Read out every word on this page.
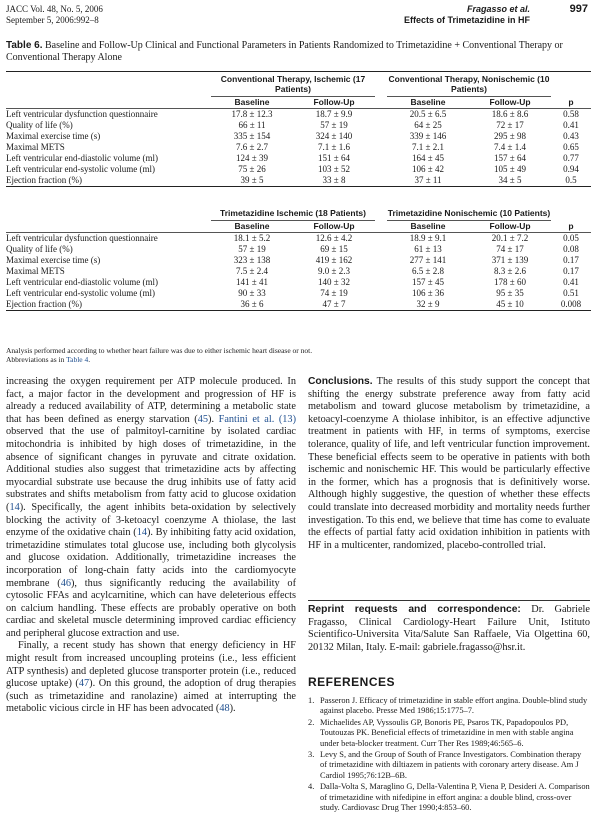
JACC Vol. 48, No. 5, 2006
September 5, 2006:992–8
Fragasso et al.
Effects of Trimetazidine in HF
997
Table 6. Baseline and Follow-Up Clinical and Functional Parameters in Patients Randomized to Trimetazidine + Conventional Therapy or Conventional Therapy Alone
	Conventional Therapy, Ischemic (17 Patients)			Conventional Therapy, Nonischemic (10 Patients)		
	Baseline	Follow-Up		Baseline	Follow-Up	p
Left ventricular dysfunction questionnaire	17.8 ± 12.3	18.7 ± 9.9		20.5 ± 6.5	18.6 ± 8.6	0.58
Quality of life (%)	66 ± 11	57 ± 19		64 ± 25	72 ± 17	0.41
Maximal exercise time (s)	335 ± 154	324 ± 140		339 ± 146	295 ± 98	0.43
Maximal METS	7.6 ± 2.7	7.1 ± 1.6		7.1 ± 2.1	7.4 ± 1.4	0.65
Left ventricular end-diastolic volume (ml)	124 ± 39	151 ± 64		164 ± 45	157 ± 64	0.77
Left ventricular end-systolic volume (ml)	75 ± 26	103 ± 52		106 ± 42	105 ± 49	0.94
Ejection fraction (%)	39 ± 5	33 ± 8		37 ± 11	34 ± 5	0.5
	Trimetazidine Ischemic (18 Patients)			Trimetazidine Nonischemic (10 Patients)		
	Baseline	Follow-Up		Baseline	Follow-Up	p
Left ventricular dysfunction questionnaire	18.1 ± 5.2	12.6 ± 4.2		18.9 ± 9.1	20.1 ± 7.2	0.05
Quality of life (%)	57 ± 19	69 ± 15		61 ± 13	74 ± 17	0.08
Maximal exercise time (s)	323 ± 138	419 ± 162		277 ± 141	371 ± 139	0.17
Maximal METS	7.5 ± 2.4	9.0 ± 2.3		6.5 ± 2.8	8.3 ± 2.6	0.17
Left ventricular end-diastolic volume (ml)	141 ± 41	140 ± 32		157 ± 45	178 ± 60	0.41
Left ventricular end-systolic volume (ml)	90 ± 33	74 ± 19		106 ± 36	95 ± 35	0.51
Ejection fraction (%)	36 ± 6	47 ± 7		32 ± 9	45 ± 10	0.008
Analysis performed according to whether heart failure was due to either ischemic heart disease or not.
Abbreviations as in Table 4.

increasing the oxygen requirement per ATP molecule produced. In fact, a major factor in the development and progression of HF is already a reduced availability of ATP, determining a metabolic state that has been defined as energy starvation (45). Fantini et al. (13) observed that the use of palmitoyl-carnitine by isolated cardiac mitochondria is inhibited by high doses of trimetazidine, in the absence of significant changes in pyruvate and citrate oxidation. Additional studies also suggest that trimetazidine acts by affecting myocardial substrate use because the drug inhibits use of fatty acid substrates and shifts metabolism from fatty acid to glucose oxidation (14). Specifically, the agent inhibits beta-oxidation by selectively blocking the activity of 3-ketoacyl coenzyme A thiolase, the last enzyme of the oxidative chain (14). By inhibiting fatty acid oxidation, trimetazidine stimulates total glucose use, including both glycolysis and glucose oxidation. Additionally, trimetazidine increases the incorporation of long-chain fatty acids into the cardiomyocyte membrane (46), thus significantly reducing the availability of cytosolic FFAs and acylcarnitine, which can have deleterious effects on calcium handling. These effects are probably operative on both cardiac and skeletal muscle determining improved cardiac efficiency and peripheral glucose extraction and use.

Finally, a recent study has shown that energy deficiency in HF might result from increased uncoupling proteins (i.e., less efficient ATP synthesis) and depleted glucose transporter protein (i.e., reduced glucose uptake) (47). On this ground, the adoption of drug therapies (such as trimetazidine and ranolazine) aimed at interrupting the metabolic vicious circle in HF has been advocated (48).

Conclusions. The results of this study support the concept that shifting the energy substrate preference away from fatty acid metabolism and toward glucose metabolism by trimetazidine, a ketoacyl-coenzyme A thiolase inhibitor, is an effective adjunctive treatment in patients with HF, in terms of symptoms, exercise tolerance, quality of life, and left ventricular function improvement. These beneficial effects seem to be operative in patients with both ischemic and nonischemic HF. This would be particularly effective in the former, which has a prognosis that is definitively worse. Although highly suggestive, the question of whether these effects could translate into decreased morbidity and mortality needs further investigation. To this end, we believe that time has come to evaluate the effects of partial fatty acid oxidation inhibition in patients with HF in a multicenter, randomized, placebo-controlled trial.

Reprint requests and correspondence: Dr. Gabriele Fragasso, Clinical Cardiology-Heart Failure Unit, Istituto Scientifico-Universita Vita/Salute San Raffaele, Via Olgettina 60, 20132 Milan, Italy. E-mail: gabriele.fragasso@hsr.it.
REFERENCES
1. Passeron J. Efficacy of trimetazidine in stable effort angina. Double-blind study against placebo. Presse Med 1986;15:1775–7.
2. Michaelides AP, Vyssoulis GP, Bonoris PE, Psaros TK, Papadopoulos PD, Toutouzas PK. Beneficial effects of trimetazidine in men with stable angina under beta-blocker treatment. Curr Ther Res 1989;46:565–6.
3. Levy S, and the Group of South of France Investigators. Combination therapy of trimetazidine with diltiazem in patients with coronary artery disease. Am J Cardiol 1995;76:12B–6B.
4. Dalla-Volta S, Maraglino G, Della-Valentina P, Viena P, Desideri A. Comparison of trimetazidine with nifedipine in effort angina: a double blind, cross-over study. Cardiovasc Drug Ther 1990;4:853–60.
